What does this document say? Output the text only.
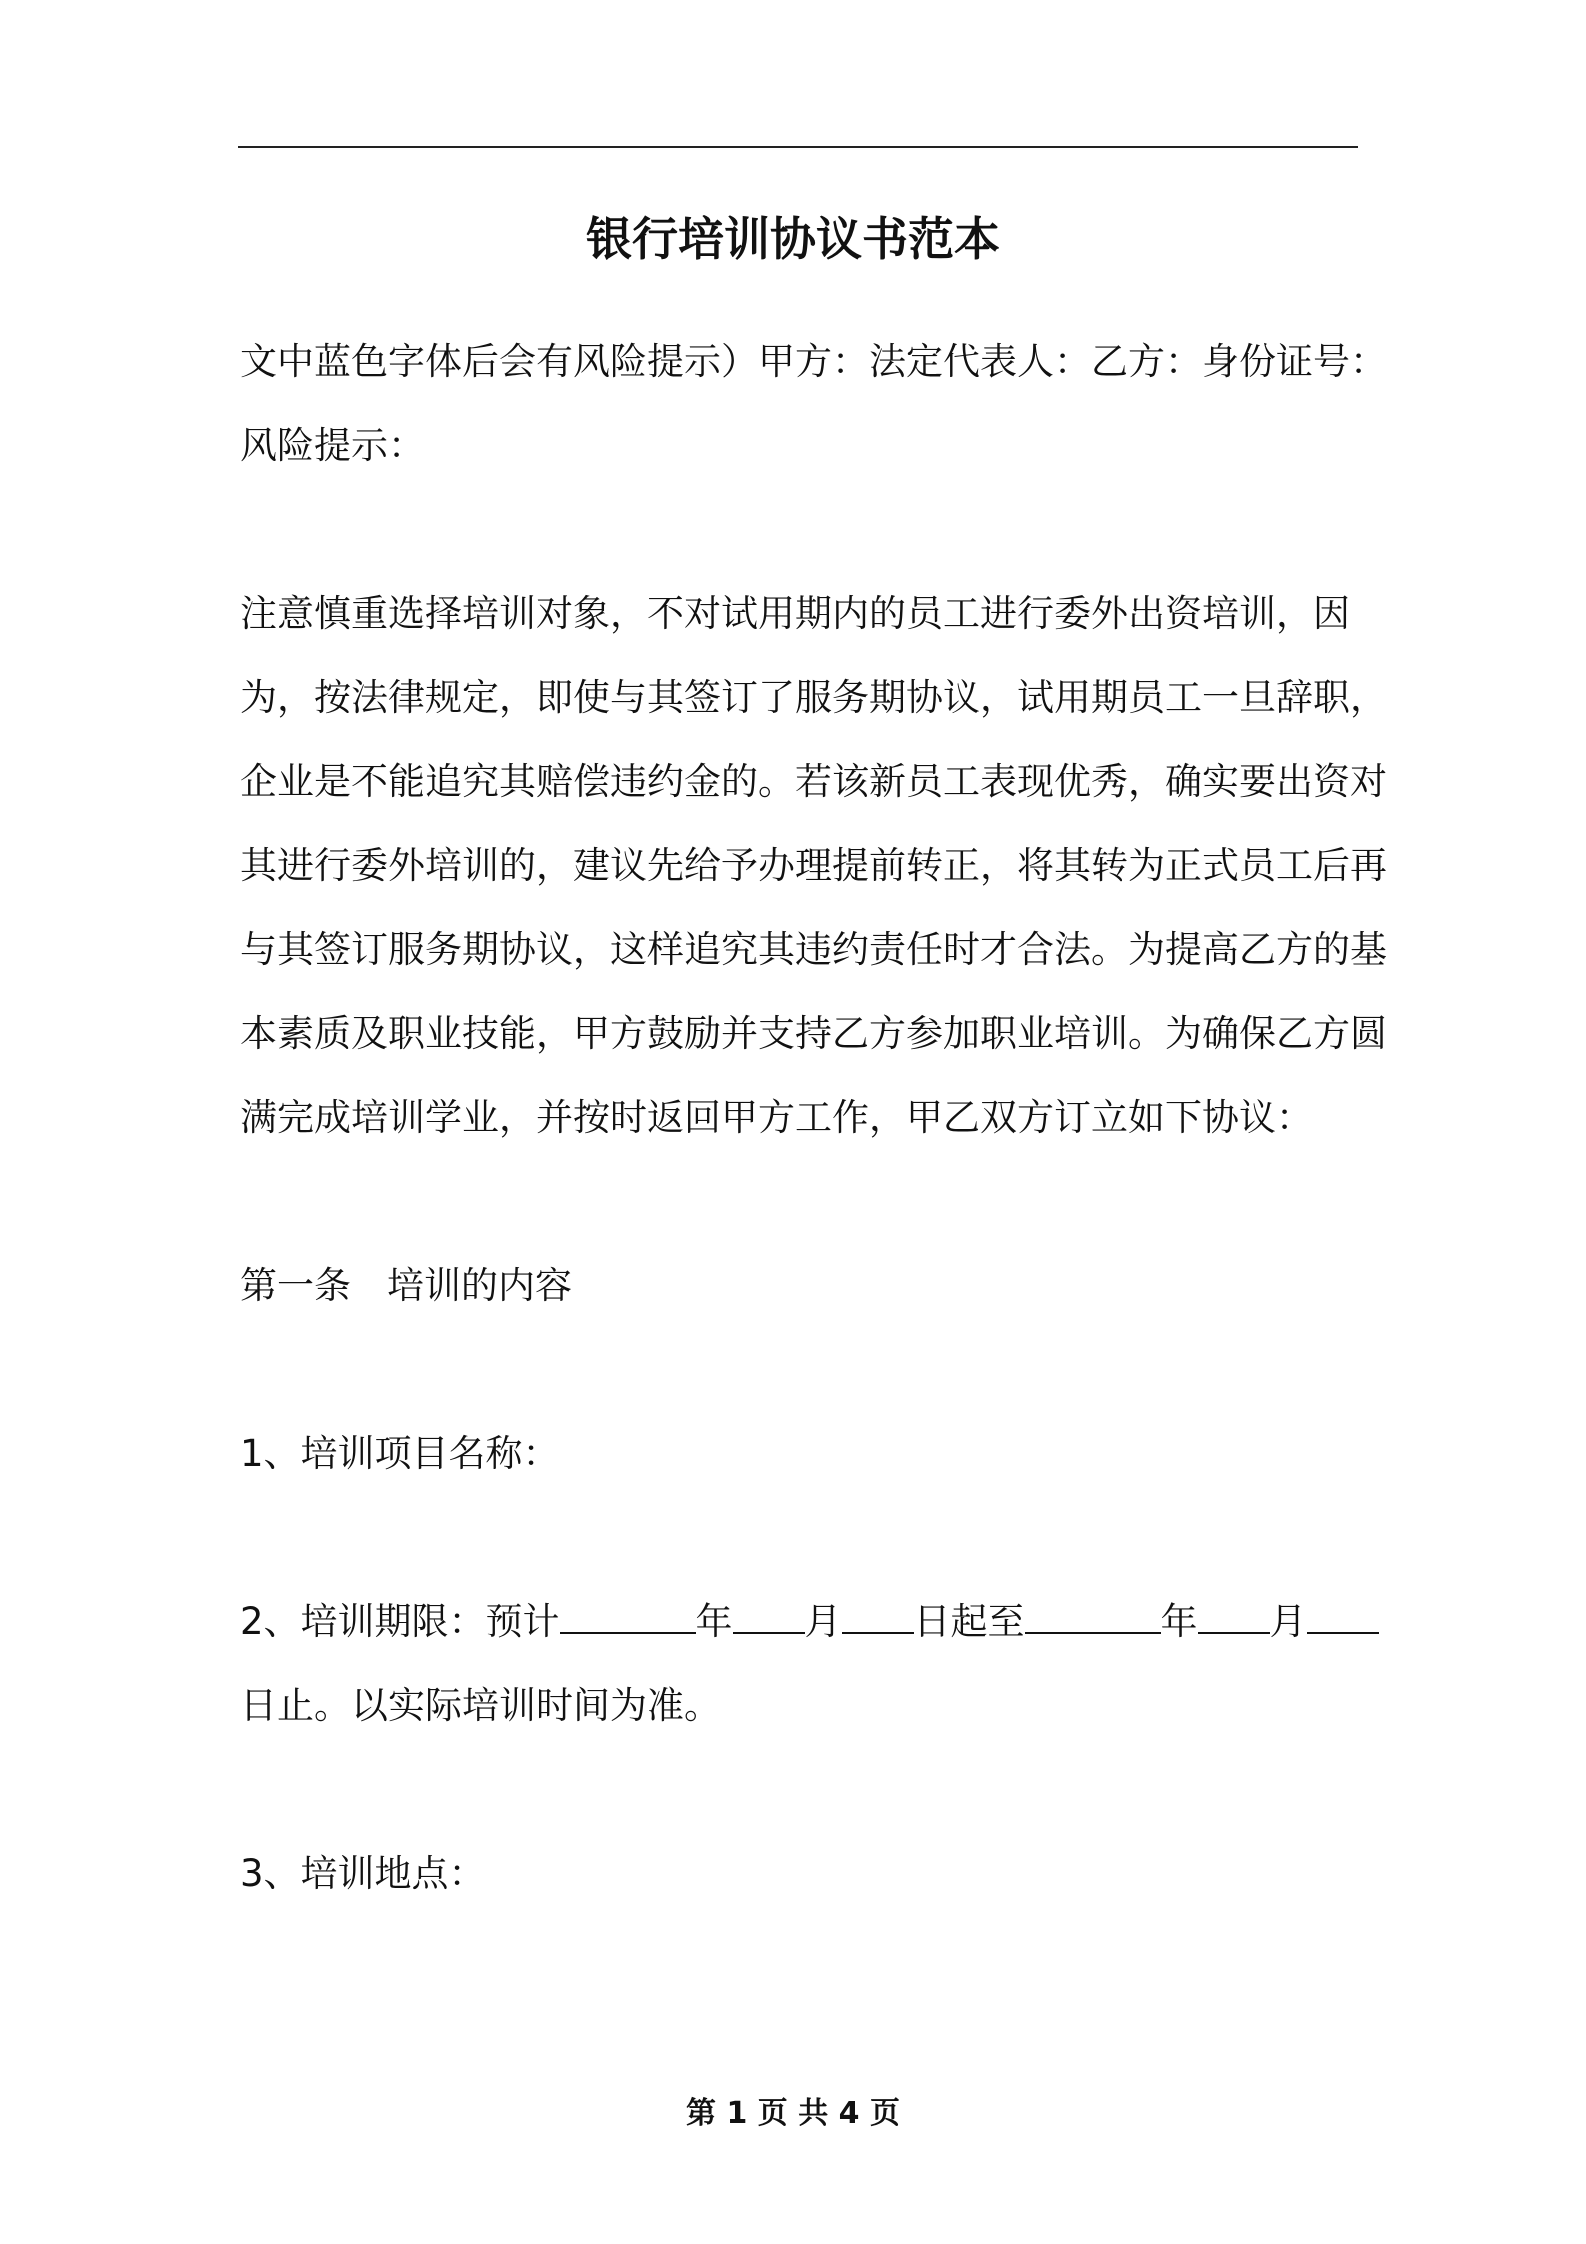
银行培训协议书范本

文中蓝色字体后会有风险提示）甲方：法定代表人：乙方：身份证号：风险提示：

注意慎重选择培训对象，不对试用期内的员工进行委外出资培训，因为，按法律规定，即使与其签订了服务期协议，试用期员工一旦辞职，企业是不能追究其赔偿违约金的。若该新员工表现优秀，确实要出资对其进行委外培训的，建议先给予办理提前转正，将其转为正式员工后再与其签订服务期协议，这样追究其违约责任时才合法。为提高乙方的基本素质及职业技能，甲方鼓励并支持乙方参加职业培训。为确保乙方圆满完成培训学业，并按时返回甲方工作，甲乙双方订立如下协议：

第一条 培训的内容

1、培训项目名称：

2、培训期限：预计	年 月 日起至	年 月日止。以实际培训时间为准。

3、培训地点：

第 1 页 共 4 页
